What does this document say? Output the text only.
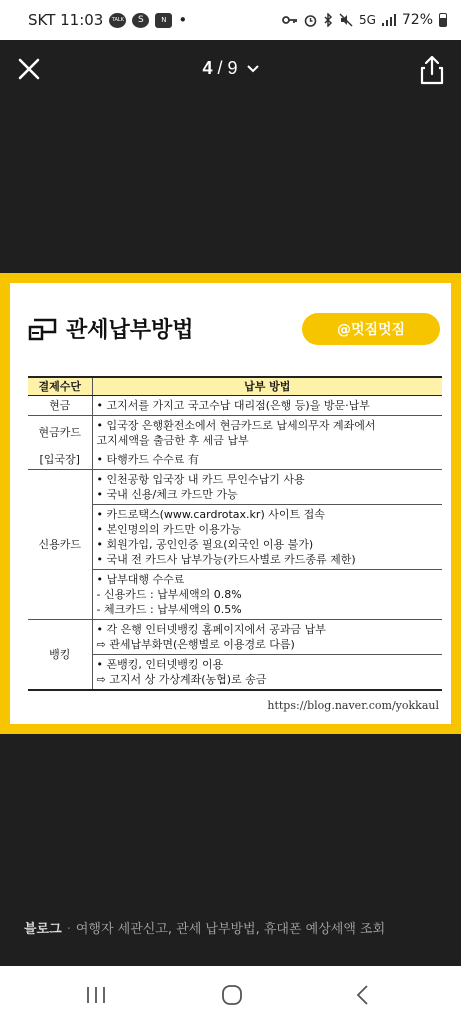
SKT 11:03 TALK	S	N •	5G 72%
4 / 9
관세납부방법	@멋짐멋짐
결제수단	납부 방법
현금	• 고지서를 가지고 국고수납 대리점(은행 등)을 방문·납부

현금카드	• 입국장 은행환전소에서 현금카드로 납세의무자 계좌에서
고지세액을 출금한 후 세금 납부

[입국장]	• 타행카드 수수료 有

신용카드	• 인천공항 입국장 내 카드 무인수납기 사용
• 국내 신용/체크 카드만 가능

	• 카드로택스(www.cardrotax.kr) 사이트 접속
• 본인명의의 카드만 이용가능
• 회원가입, 공인인증 필요(외국인 이용 불가)
• 국내 전 카드사 납부가능(카드사별로 카드종류 제한)

	• 납부대행 수수료
- 신용카드 : 납부세액의 0.8%
- 체크카드 : 납부세액의 0.5%

뱅킹	• 각 은행 인터넷뱅킹 홈페이지에서 공과금 납부
⇨ 관세납부화면(은행별로 이용경로 다름)

	• 폰뱅킹, 인터넷뱅킹 이용
⇨ 고지서 상 가상계좌(농협)로 송금
https://blog.naver.com/yokkaul
블로그 · 여행자 세관신고, 관세 납부방법, 휴대폰 예상세액 조회
